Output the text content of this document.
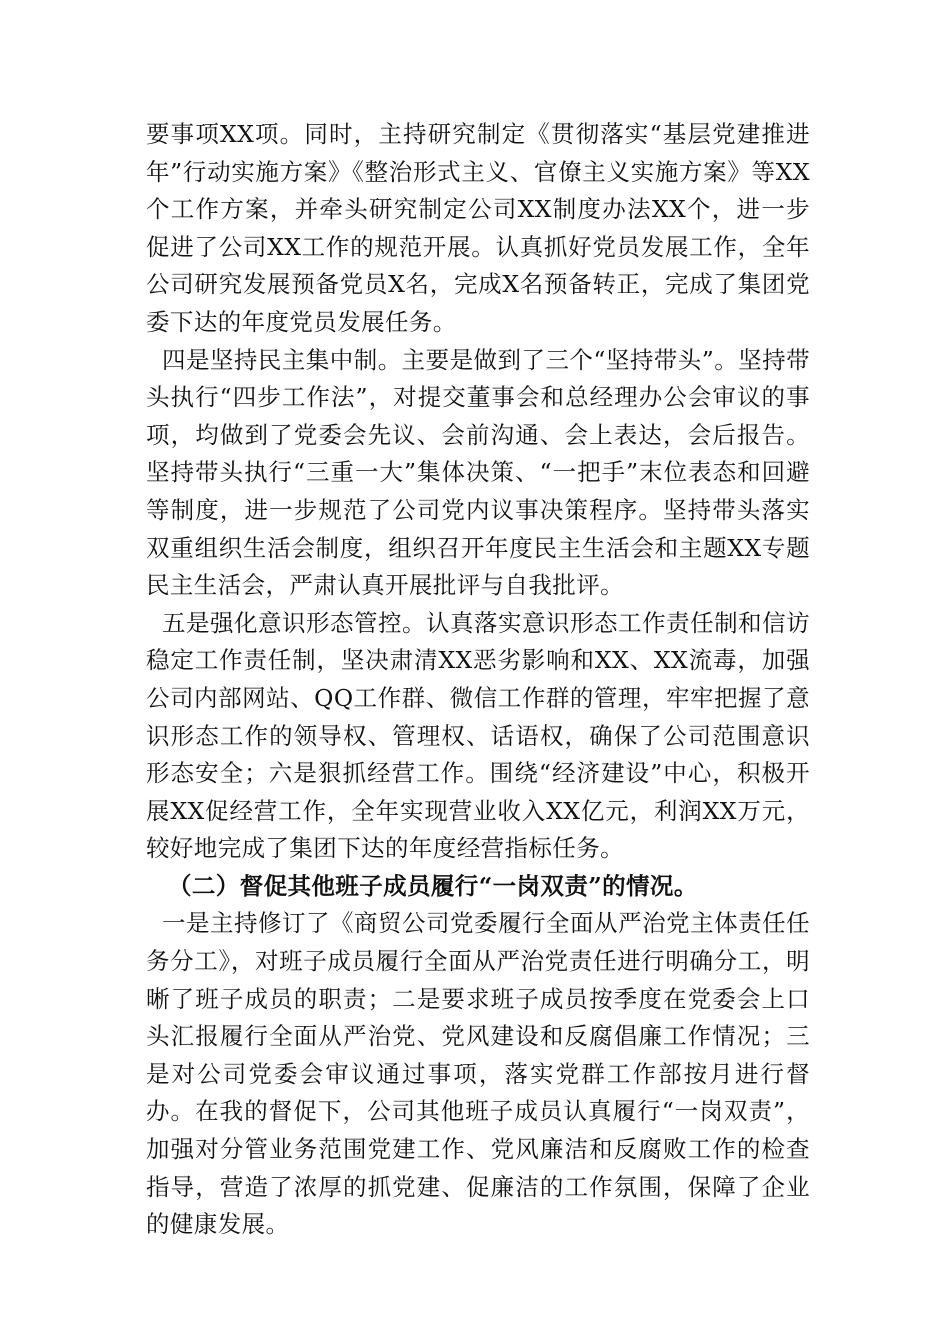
要事项XX项。同时，主持研究制定《贯彻落实“基层党建推进年”行动实施方案》《整治形式主义、官僚主义实施方案》等XX个工作方案，并牵头研究制定公司XX制度办法XX个，进一步促进了公司XX工作的规范开展。认真抓好党员发展工作，全年公司研究发展预备党员X名，完成X名预备转正，完成了集团党委下达的年度党员发展任务。

四是坚持民主集中制。主要是做到了三个“坚持带头”。坚持带头执行“四步工作法”，对提交董事会和总经理办公会审议的事项，均做到了党委会先议、会前沟通、会上表达，会后报告。坚持带头执行“三重一大”集体决策、“一把手”末位表态和回避等制度，进一步规范了公司党内议事决策程序。坚持带头落实双重组织生活会制度，组织召开年度民主生活会和主题XX专题民主生活会，严肃认真开展批评与自我批评。

五是强化意识形态管控。认真落实意识形态工作责任制和信访稳定工作责任制，坚决肃清XX恶劣影响和XX、XX流毒，加强公司内部网站、QQ工作群、微信工作群的管理，牢牢把握了意识形态工作的领导权、管理权、话语权，确保了公司范围意识形态安全；六是狠抓经营工作。围绕“经济建设”中心，积极开展XX促经营工作，全年实现营业收入XX亿元，利润XX万元，较好地完成了集团下达的年度经营指标任务。

（二）督促其他班子成员履行“一岗双责”的情况。

一是主持修订了《商贸公司党委履行全面从严治党主体责任任务分工》，对班子成员履行全面从严治党责任进行明确分工，明晰了班子成员的职责；二是要求班子成员按季度在党委会上口头汇报履行全面从严治党、党风建设和反腐倡廉工作情况；三是对公司党委会审议通过事项，落实党群工作部按月进行督办。在我的督促下，公司其他班子成员认真履行“一岗双责”，加强对分管业务范围党建工作、党风廉洁和反腐败工作的检查指导，营造了浓厚的抓党建、促廉洁的工作氛围，保障了企业的健康发展。
